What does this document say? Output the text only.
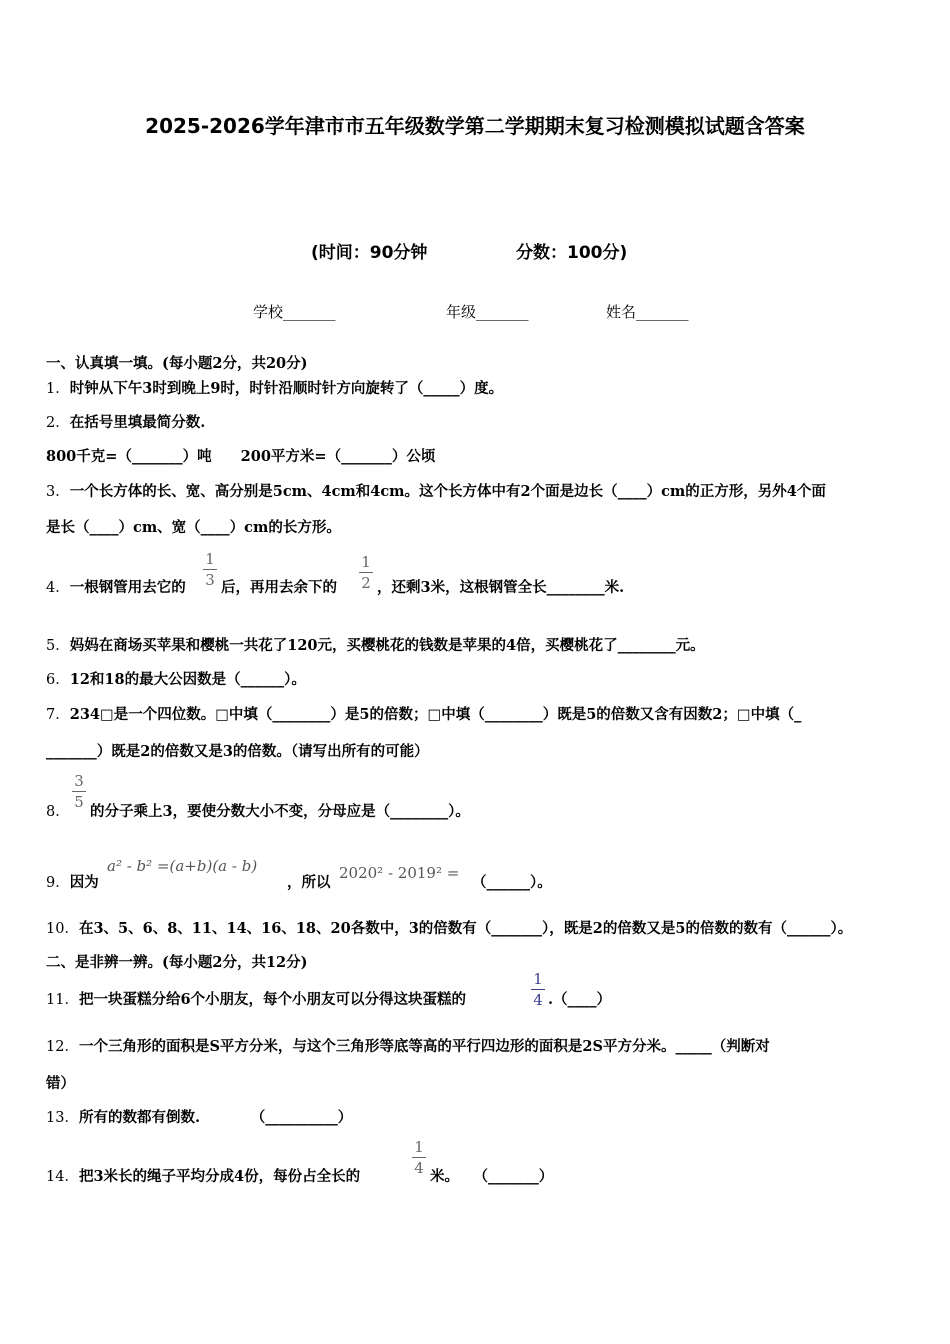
2025-2026学年津市市五年级数学第二学期期末复习检测模拟试题含答案
(时间：90分钟	分数：100分)
学校_______	年级_______	姓名_______
一、认真填一填。(每小题2分，共20分)
1．时钟从下午3时到晚上9时，时针沿顺时针方向旋转了（_____）度。
2．在括号里填最简分数.
800千克=（_______）吨　　200平方米=（_______）公顷
3．一个长方体的长、宽、高分别是5cm、4cm和4cm。这个长方体中有2个面是边长（____）cm的正方形，另外4个面
是长（____）cm、宽（____）cm的长方形。
4．一根钢管用去它的
1
3 后，再用去余下的
1
2 ，还剩3米，这根钢管全长________米.
5．妈妈在商场买苹果和樱桃一共花了120元，买樱桃花的钱数是苹果的4倍，买樱桃花了________元。
6．12和18的最大公因数是（______）。
7．234□是一个四位数。□中填（________）是5的倍数；□中填（________）既是5的倍数又含有因数2；□中填（_
_______）既是2的倍数又是3的倍数。（请写出所有的可能）
8．
3
5
的分子乘上3，要使分数大小不变，分母应是（________）。
9．因为
a² - b² =(a+b)(a - b)
，所以
2020² - 2019² =
（______）。
10．在3、5、6、8、11、14、16、18、20各数中，3的倍数有（_______），既是2的倍数又是5的倍数的数有（______）。
二、是非辨一辨。(每小题2分，共12分)
11．把一块蛋糕分给6个小朋友，每个小朋友可以分得这块蛋糕的
1
4 .（____）
12．一个三角形的面积是S平方分米，与这个三角形等底等高的平行四边形的面积是2S平方分米。_____（判断对
错）
13．所有的数都有倒数.　　　　（__________）
14．把3米长的绳子平均分成4份，每份占全长的
1
4 米。　　（_______）
